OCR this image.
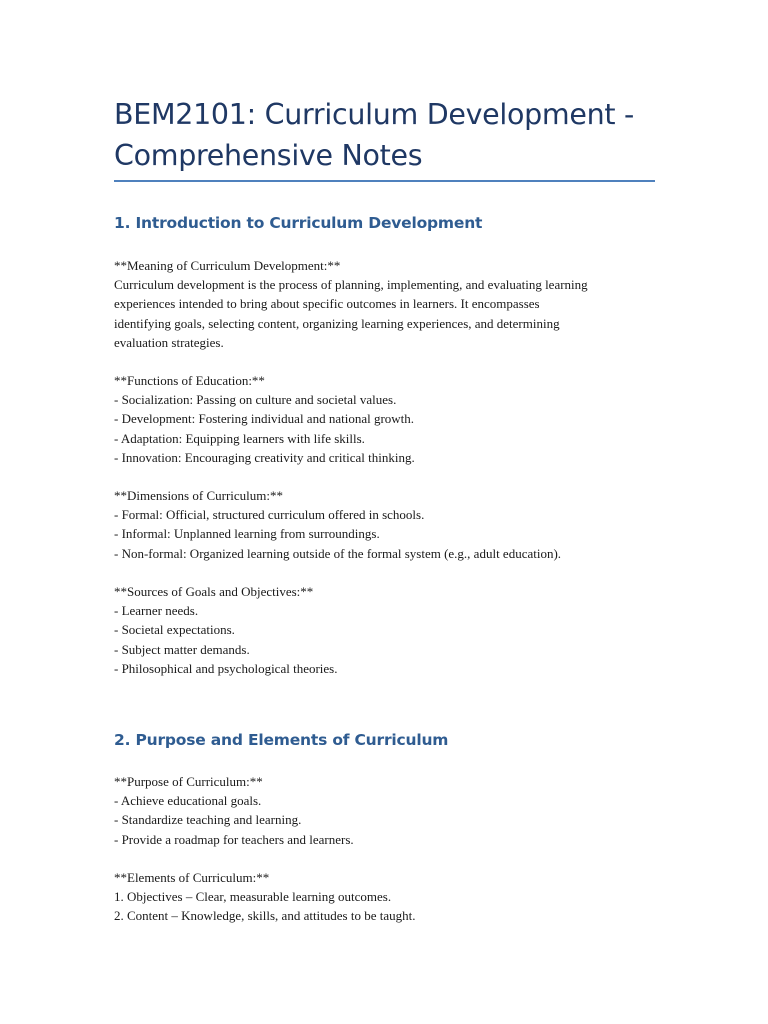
BEM2101: Curriculum Development -
Comprehensive Notes
1. Introduction to Curriculum Development

**Meaning of Curriculum Development:**

Curriculum development is the process of planning, implementing, and evaluating learning

experiences intended to bring about specific outcomes in learners. It encompasses

identifying goals, selecting content, organizing learning experiences, and determining

evaluation strategies.

**Functions of Education:**

- Socialization: Passing on culture and societal values.

- Development: Fostering individual and national growth.

- Adaptation: Equipping learners with life skills.

- Innovation: Encouraging creativity and critical thinking.

**Dimensions of Curriculum:**

- Formal: Official, structured curriculum offered in schools.

- Informal: Unplanned learning from surroundings.

- Non-formal: Organized learning outside of the formal system (e.g., adult education).

**Sources of Goals and Objectives:**

- Learner needs.

- Societal expectations.

- Subject matter demands.

- Philosophical and psychological theories.

2. Purpose and Elements of Curriculum

**Purpose of Curriculum:**

- Achieve educational goals.

- Standardize teaching and learning.

- Provide a roadmap for teachers and learners.

**Elements of Curriculum:**

1. Objectives – Clear, measurable learning outcomes.

2. Content – Knowledge, skills, and attitudes to be taught.
